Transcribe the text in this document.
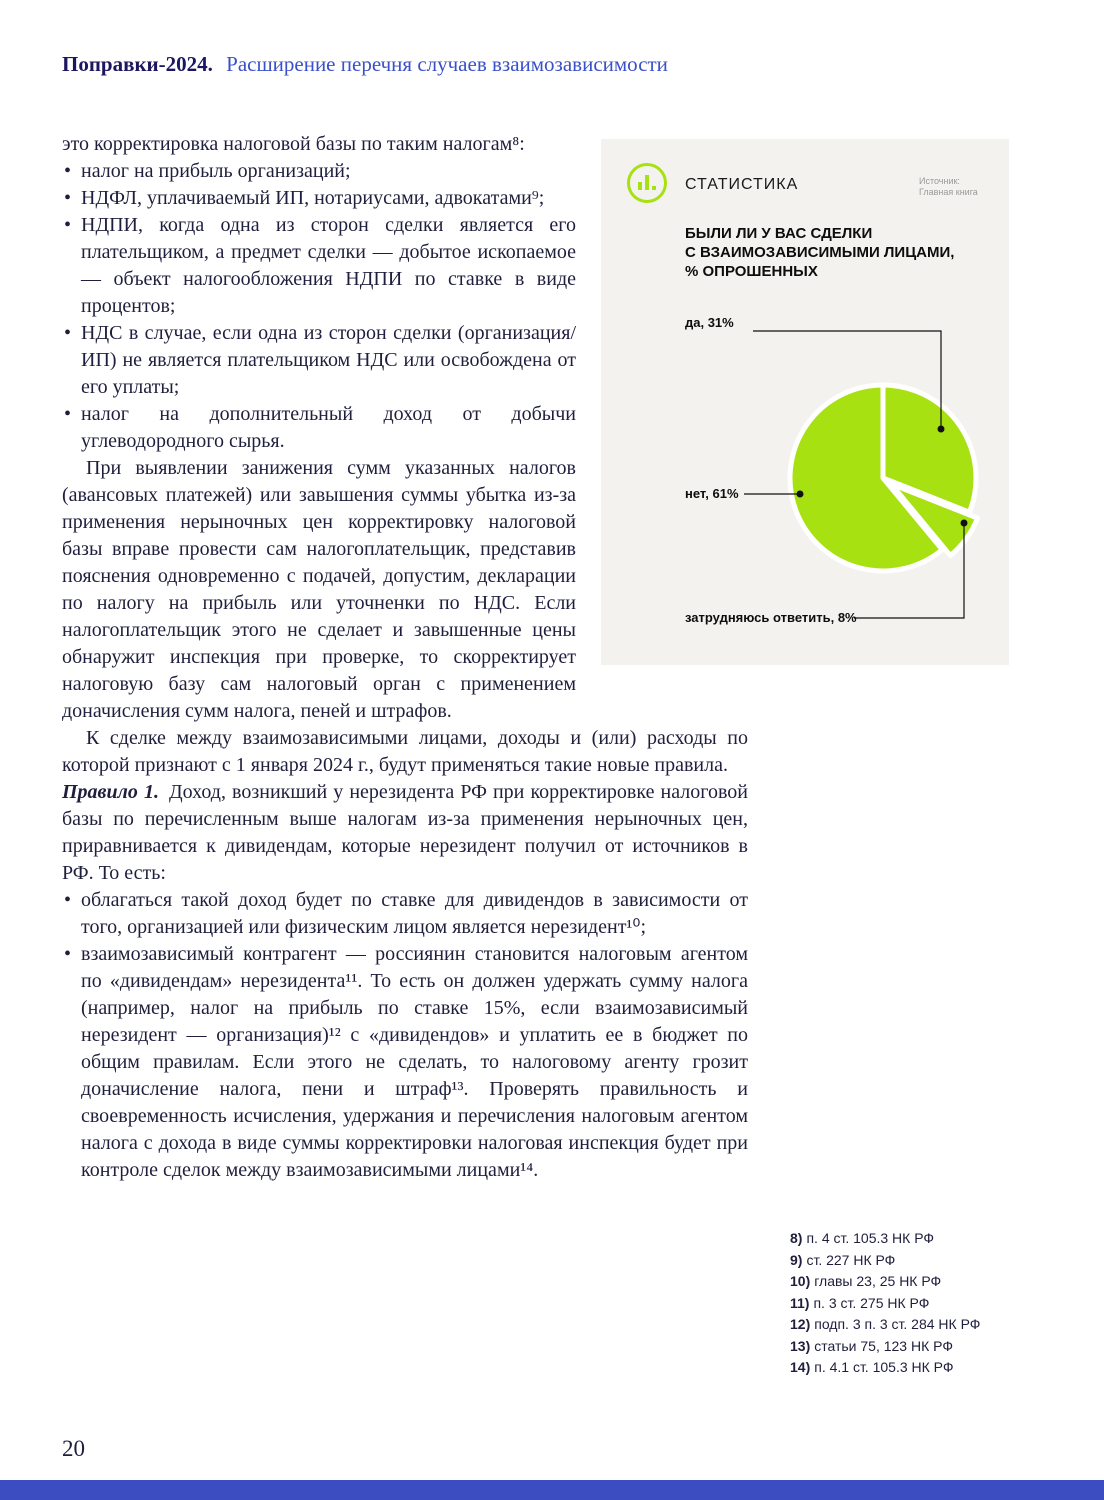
Поправки-2024. Расширение перечня случаев взаимозависимости

это корректировка налоговой базы по таким налогам⁸:

• налог на прибыль организаций;
• НДФЛ, уплачиваемый ИП, нотариусами, адвокатами⁹;
• НДПИ, когда одна из сторон сделки является его плательщиком, а предмет сделки — добытое ископаемое — объект налогообложения НДПИ по ставке в виде процентов;
• НДС в случае, если одна из сторон сделки (организация/ИП) не является плательщиком НДС или освобождена от его уплаты;
• налог на дополнительный доход от добычи углеводородного сырья.

При выявлении занижения сумм указанных налогов (авансовых платежей) или завышения суммы убытка из-за применения нерыночных цен корректировку налоговой базы вправе провести сам налогоплательщик, представив пояснения одновременно с подачей, допустим, декларации по налогу на прибыль или уточненки по НДС. Если налогоплательщик этого не сделает и завышенные цены обнаружит инспекция при проверке, то скорректирует налоговую базу сам налоговый орган с применением доначисления сумм налога, пеней и штрафов.

К сделке между взаимозависимыми лицами, доходы и (или) расходы по которой признают с 1 января 2024 г., будут применяться такие новые правила.

Правило 1. Доход, возникший у нерезидента РФ при корректировке налоговой базы по перечисленным выше налогам из-за применения нерыночных цен, приравнивается к дивидендам, которые нерезидент получил от источников в РФ. То есть:

• облагаться такой доход будет по ставке для дивидендов в зависимости от того, организацией или физическим лицом является нерезидент¹⁰;
• взаимозависимый контрагент — россиянин становится налоговым агентом по «дивидендам» нерезидента¹¹. То есть он должен удержать сумму налога (например, налог на прибыль по ставке 15%, если взаимозависимый нерезидент — организация)¹² с «дивидендов» и уплатить ее в бюджет по общим правилам. Если этого не сделать, то налоговому агенту грозит доначисление налога, пени и штраф¹³. Проверять правильность и своевременность исчисления, удержания и перечисления налоговым агентом налога с дохода в виде суммы корректировки налоговая инспекция будет при контроле сделок между взаимозависимыми лицами¹⁴.
СТАТИСТИКА	Источник:
Главная книга
БЫЛИ ЛИ У ВАС СДЕЛКИ
С ВЗАИМОЗАВИСИМЫМИ ЛИЦАМИ,
% ОПРОШЕННЫХ
да, 31%
нет, 61%
затрудняюсь ответить, 8%
8) п. 4 ст. 105.3 НК РФ
9) ст. 227 НК РФ
10) главы 23, 25 НК РФ
11) п. 3 ст. 275 НК РФ
12) подп. 3 п. 3 ст. 284 НК РФ
13) статьи 75, 123 НК РФ
14) п. 4.1 ст. 105.3 НК РФ
20
